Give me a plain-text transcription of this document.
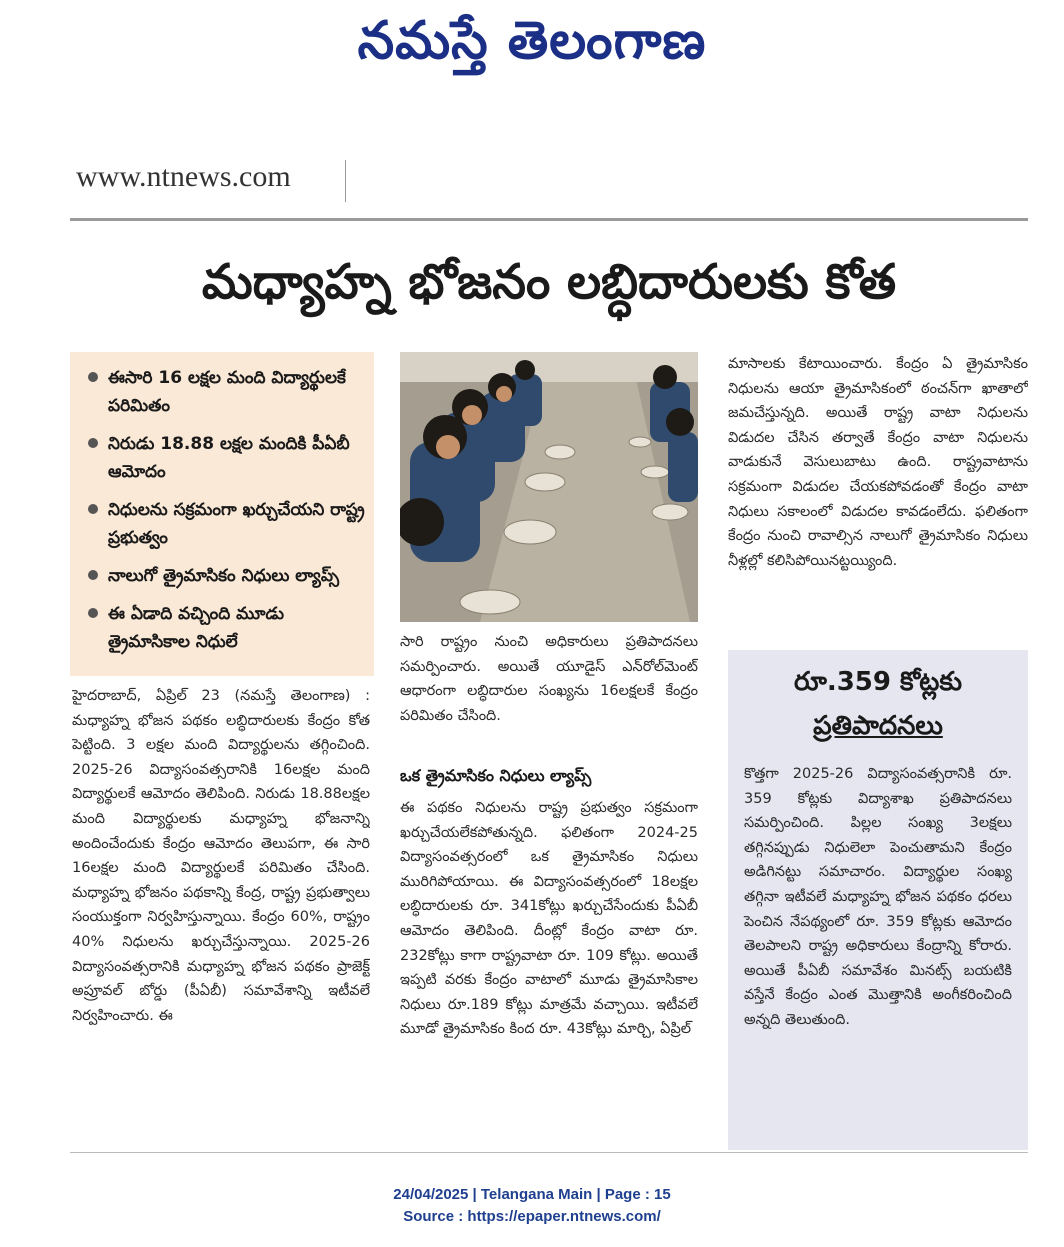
నమస్తే తెలంగాణ
www.ntnews.com
మధ్యాహ్న భోజనం లబ్ధిదారులకు కోత
ఈసారి 16 లక్షల మంది విద్యార్థులకే పరిమితం
నిరుడు 18.88 లక్షల మందికి పీఏబీ ఆమోదం
నిధులను సక్రమంగా ఖర్చుచేయని రాష్ట్ర ప్రభుత్వం
నాలుగో త్రైమాసికం నిధులు ల్యాప్స్
ఈ ఏడాది వచ్చింది మూడు త్రైమాసికాల నిధులే

హైదరాబాద్, ఏప్రిల్ 23 (నమస్తే తెలంగాణ) : మధ్యాహ్న భోజన పథకం లబ్ధిదారులకు కేంద్రం కోత పెట్టింది. 3 లక్షల మంది విద్యార్థులను తగ్గించింది. 2025-26 విద్యాసంవత్సరానికి 16లక్షల మంది విద్యార్థులకే ఆమోదం తెలిపింది. నిరుడు 18.88లక్షల మంది విద్యార్థులకు మధ్యాహ్న భోజనాన్ని అందించేందుకు కేంద్రం ఆమోదం తెలుపగా, ఈ సారి 16లక్షల మంది విద్యార్థులకే పరిమితం చేసింది. మధ్యాహ్న భోజనం పథకాన్ని కేంద్ర, రాష్ట్ర ప్రభుత్వాలు సంయుక్తంగా నిర్వహిస్తున్నాయి. కేంద్రం 60%, రాష్ట్రం 40% నిధులను ఖర్చుచేస్తున్నాయి. 2025-26 విద్యాసంవత్సరానికి మధ్యాహ్న భోజన పథకం ప్రాజెక్ట్ అప్రూవల్ బోర్డు (పీఏబీ) సమావేశాన్ని ఇటీవలే నిర్వహించారు. ఈ

సారి రాష్ట్రం నుంచి అధికారులు ప్రతిపాదనలు సమర్పించారు. అయితే యూడైస్ ఎన్‌రోల్‌మెంట్ ఆధారంగా లబ్ధిదారుల సంఖ్యను 16లక్షలకే కేంద్రం పరిమితం చేసింది.

ఒక త్రైమాసికం నిధులు ల్యాప్స్

ఈ పథకం నిధులను రాష్ట్ర ప్రభుత్వం సక్రమంగా ఖర్చుచేయలేకపోతున్నది. ఫలితంగా 2024-25 విద్యాసంవత్సరంలో ఒక త్రైమాసికం నిధులు మురిగిపోయాయి. ఈ విద్యాసంవత్సరంలో 18లక్షల లబ్ధిదారులకు రూ. 341కోట్లు ఖర్చుచేసేందుకు పీఏబీ ఆమోదం తెలిపింది. దీంట్లో కేంద్రం వాటా రూ. 232కోట్లు కాగా రాష్ట్రవాటా రూ. 109 కోట్లు. అయితే ఇప్పటి వరకు కేంద్రం వాటాలో మూడు త్రైమాసికాల నిధులు రూ.189 కోట్లు మాత్రమే వచ్చాయి. ఇటీవలే మూడో త్రైమాసికం కింద రూ. 43కోట్లు మార్చి, ఏప్రిల్

మాసాలకు కేటాయించారు. కేంద్రం ఏ త్రైమాసికం నిధులను ఆయా త్రైమాసికంలో ఠంచన్‌గా ఖాతాలో జమచేస్తున్నది. అయితే రాష్ట్ర వాటా నిధులను విడుదల చేసిన తర్వాతే కేంద్రం వాటా నిధులను వాడుకునే వెసులుబాటు ఉంది. రాష్ట్రవాటాను సక్రమంగా విడుదల చేయకపోవడంతో కేంద్రం వాటా నిధులు సకాలంలో విడుదల కావడంలేదు. ఫలితంగా కేంద్రం నుంచి రావాల్సిన నాలుగో త్రైమాసికం నిధులు నీళ్లల్లో కలిసిపోయినట్టయ్యింది.

రూ.359 కోట్లకు
ప్రతిపాదనలు
కొత్తగా 2025-26 విద్యాసంవత్సరానికి రూ. 359 కోట్లకు విద్యాశాఖ ప్రతిపాదనలు సమర్పించింది. పిల్లల సంఖ్య 3లక్షలు తగ్గినప్పుడు నిధులెలా పెంచుతామని కేంద్రం అడిగినట్టు సమాచారం. విద్యార్థుల సంఖ్య తగ్గినా ఇటీవలే మధ్యాహ్న భోజన పథకం ధరలు పెంచిన నేపథ్యంలో రూ. 359 కోట్లకు ఆమోదం తెలపాలని రాష్ట్ర అధికారులు కేంద్రాన్ని కోరారు. అయితే పీఏబీ సమావేశం మినట్స్ బయటికి వస్తేనే కేంద్రం ఎంత మొత్తానికి అంగీకరించింది అన్నది తెలుతుంది.
24/04/2025 | Telangana Main | Page : 15
Source : https://epaper.ntnews.com/
